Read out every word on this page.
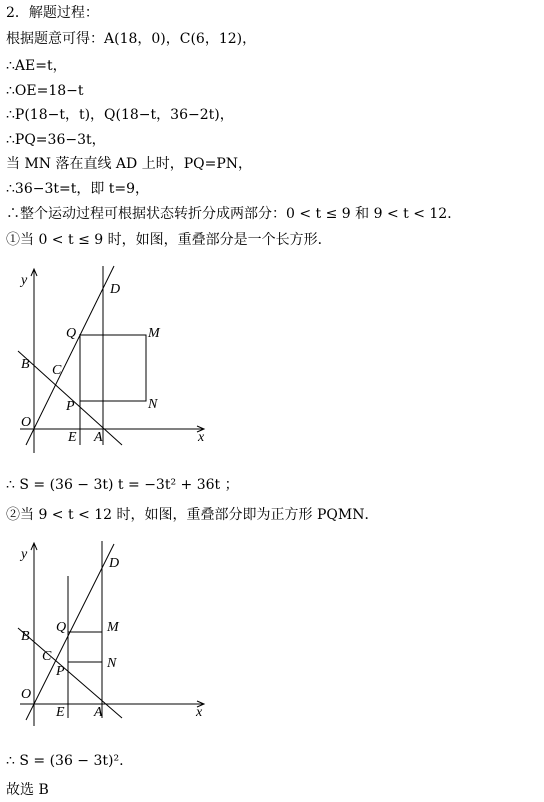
2．解题过程：
根据题意可得：A(18，0)，C(6，12)，
∴AE=t，
∴OE=18−t
∴P(18−t，t)，Q(18−t，36−2t)，
∴PQ=36−3t，
当 MN 落在直线 AD 上时，PQ=PN，
∴36−3t=t，即 t=9，
∴整个运动过程可根据状态转折分成两部分：0 < t ≤ 9 和 9 < t < 12．
①当 0 < t ≤ 9 时，如图，重叠部分是一个长方形．
∴ S = (36 − 3t) t = −3t² + 36t ；
②当 9 < t < 12 时，如图，重叠部分即为正方形 PQMN．
∴ S = (36 − 3t)².
故选 B
y
x
O
B C
D
Q	M
P	N
E A
y
x
O
B
C
D
Q	M
P
N
E A
